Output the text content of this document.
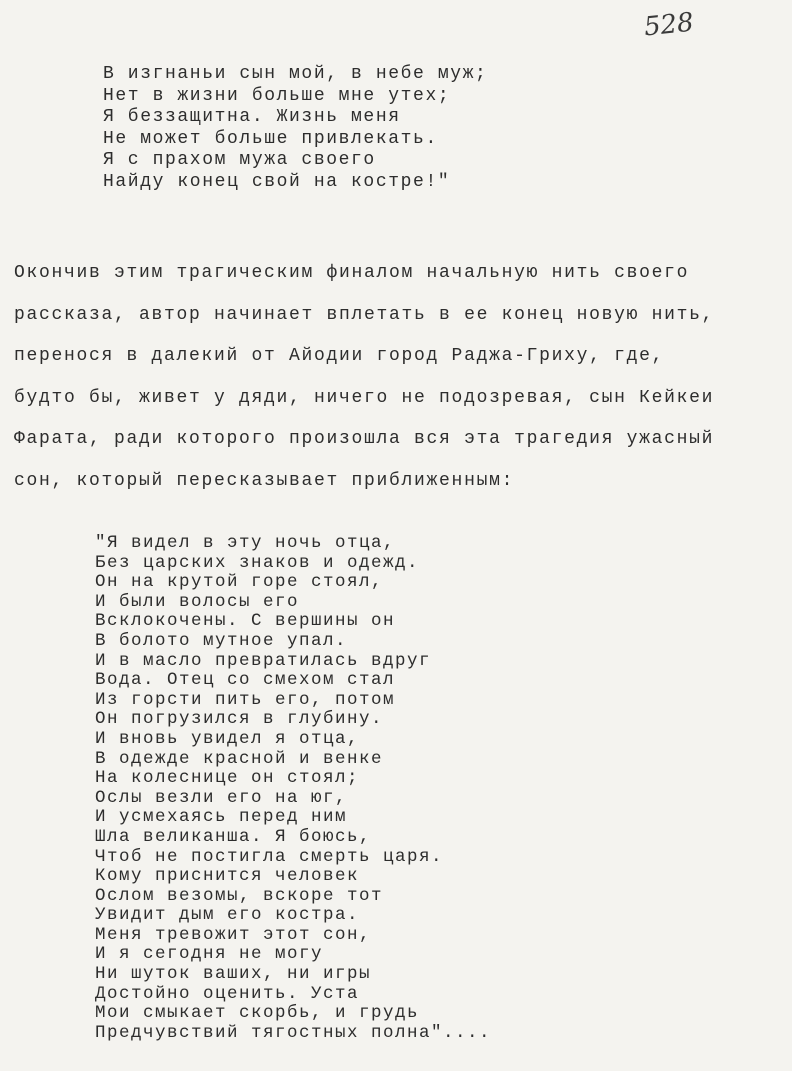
528
В изгнаньи сын мой, в небе муж;
Нет в жизни больше мне утех;
Я беззащитна. Жизнь меня
Не может больше привлекать.
Я с прахом мужа своего
Найду конец свой на костре!"
Окончив этим трагическим финалом начальную нить своего
рассказа, автор начинает вплетать в ее конец новую нить,
перенося в далекий от Айодии город Раджа-Гриху, где,
будто бы, живет у дяди, ничего не подозревая, сын Кейкеи
Фарата, ради которого произошла вся эта трагедия ужасный
сон, который пересказывает приближенным:
"Я видел в эту ночь отца,
Без царских знаков и одежд.
Он на крутой горе стоял,
И были волосы его
Всклокочены. С вершины он
В болото мутное упал.
И в масло превратилась вдруг
Вода. Отец со смехом стал
Из горсти пить его, потом
Он погрузился в глубину.
И вновь увидел я отца,
В одежде красной и венке
На колеснице он стоял;
Ослы везли его на юг,
И усмехаясь перед ним
Шла великанша. Я боюсь,
Чтоб не постигла смерть царя.
Кому приснится человек
Ослом везомы, вскоре тот
Увидит дым его костра.
Меня тревожит этот сон,
И я сегодня не могу
Ни шуток ваших, ни игры
Достойно оценить. Уста
Мои смыкает скорбь, и грудь
Предчувствий тягостных полна"....
